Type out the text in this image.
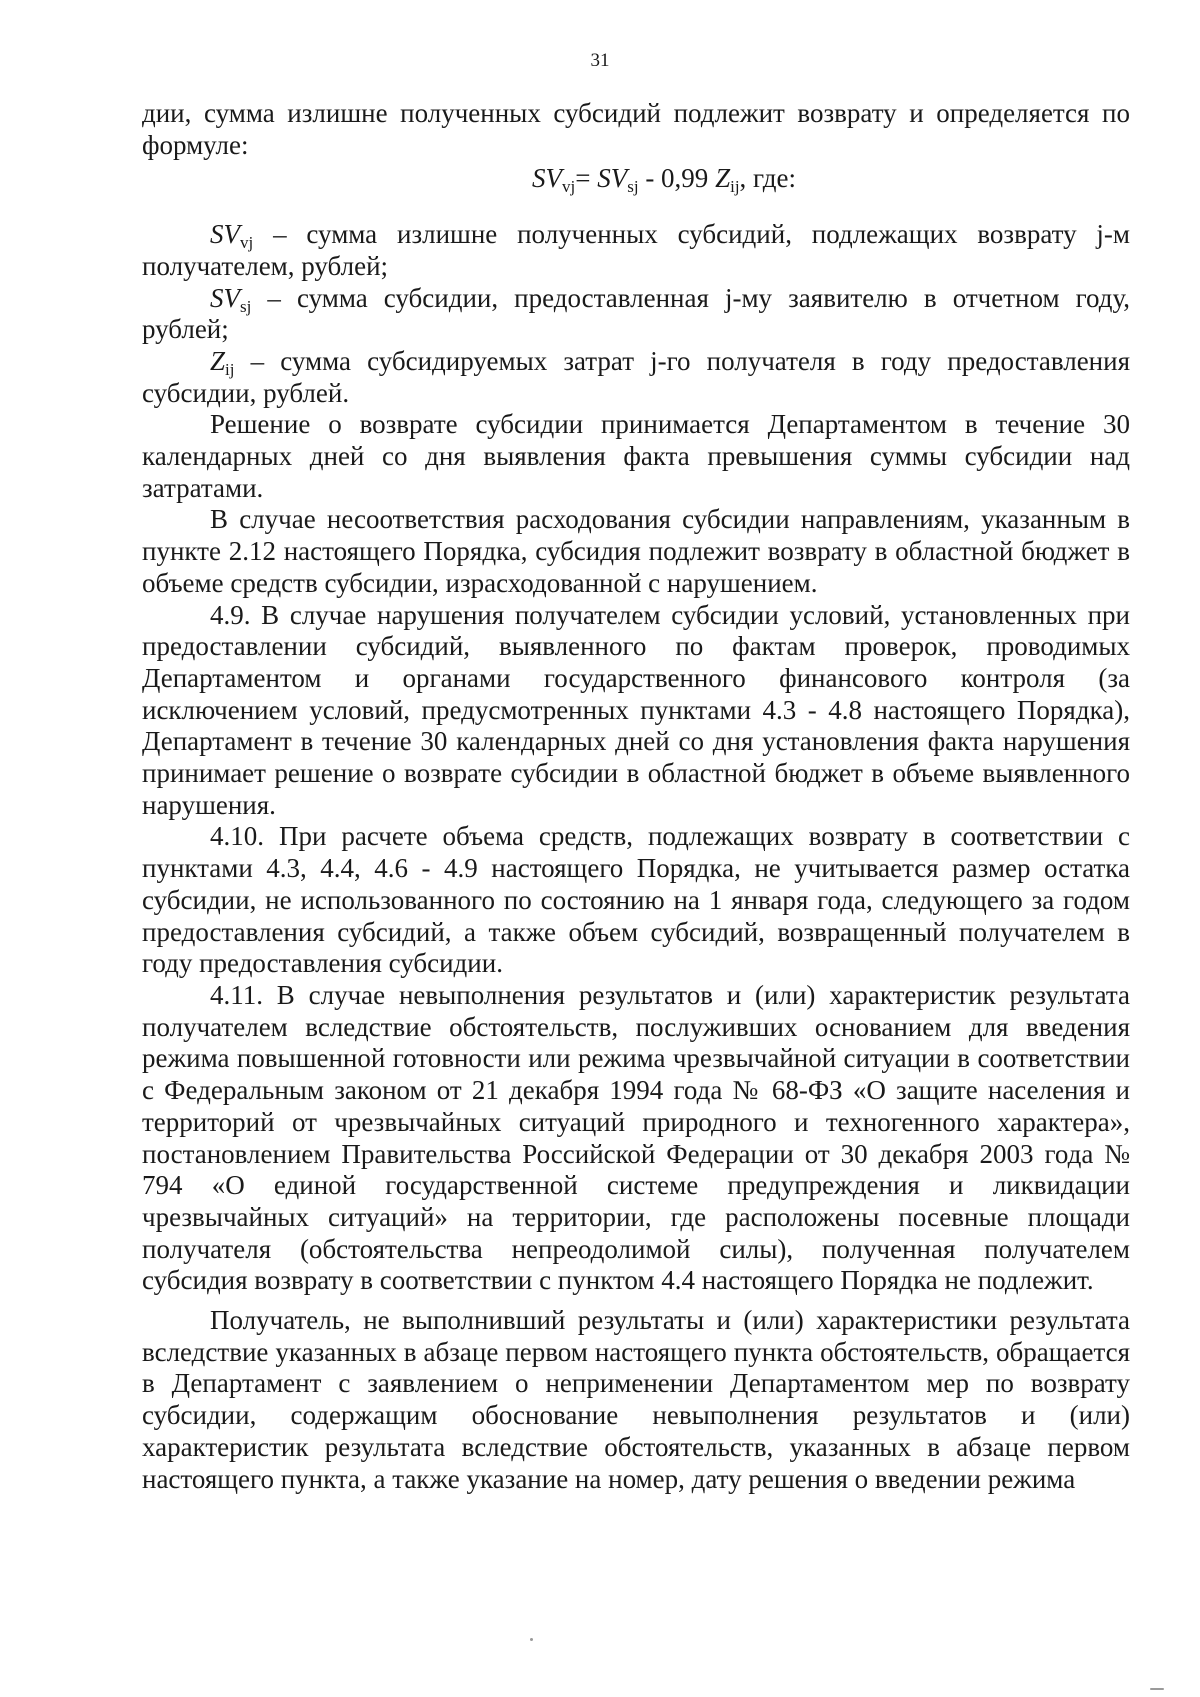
31

дии, сумма излишне полученных субсидий подлежит возврату и определяется по формуле:

$SV_{vj}= SV_{sj} - 0,99$ $Z_{ij}$, где:

$SV_{vj}$ – сумма излишне полученных субсидий, подлежащих возврату j-м получателем, рублей;

$SV_{sj}$ – сумма субсидии, предоставленная j-му заявителю в отчетном году, рублей;

$Z_{ij}$ – сумма субсидируемых затрат j-го получателя в году предоставления субсидии, рублей.

Решение о возврате субсидии принимается Департаментом в течение 30 календарных дней со дня выявления факта превышения суммы субсидии над затратами.

В случае несоответствия расходования субсидии направлениям, указанным в пункте 2.12 настоящего Порядка, субсидия подлежит возврату в областной бюджет в объеме средств субсидии, израсходованной с нарушением.

4.9. В случае нарушения получателем субсидии условий, установленных при предоставлении субсидий, выявленного по фактам проверок, проводимых Департаментом и органами государственного финансового контроля (за исключением условий, предусмотренных пунктами 4.3 - 4.8 настоящего Порядка), Департамент в течение 30 календарных дней со дня установления факта нарушения принимает решение о возврате субсидии в областной бюджет в объеме выявленного нарушения.

4.10. При расчете объема средств, подлежащих возврату в соответствии с пунктами 4.3, 4.4, 4.6 - 4.9 настоящего Порядка, не учитывается размер остатка субсидии, не использованного по состоянию на 1 января года, следующего за годом предоставления субсидий, а также объем субсидий, возвращенный получателем в году предоставления субсидии.

4.11. В случае невыполнения результатов и (или) характеристик результата получателем вследствие обстоятельств, послуживших основанием для введения режима повышенной готовности или режима чрезвычайной ситуации в соответствии с Федеральным законом от 21 декабря 1994 года № 68-ФЗ «О защите населения и территорий от чрезвычайных ситуаций природного и техногенного характера», постановлением Правительства Российской Федерации от 30 декабря 2003 года № 794 «О единой государственной системе предупреждения и ликвидации чрезвычайных ситуаций» на территории, где расположены посевные площади получателя (обстоятельства непреодолимой силы), полученная получателем субсидия возврату в соответствии с пунктом 4.4 настоящего Порядка не подлежит.

Получатель, не выполнивший результаты и (или) характеристики результата вследствие указанных в абзаце первом настоящего пункта обстоятельств, обращается в Департамент с заявлением о неприменении Департаментом мер по возврату субсидии, содержащим обоснование невыполнения результатов и (или) характеристик результата вследствие обстоятельств, указанных в абзаце первом настоящего пункта, а также указание на номер, дату решения о введении режима
